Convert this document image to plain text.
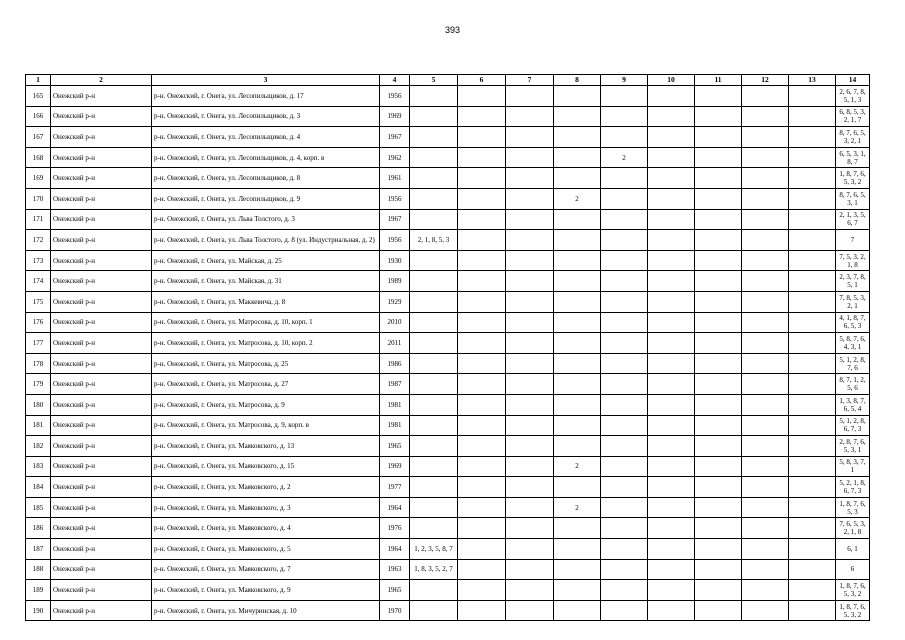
393
1	2	3	4	5	6	7	8	9	10	11	12	13	14
165	Онежский р-н	р-н. Онежский, г. Онега, ул. Лесопильщиков, д. 17	1956										2, 6, 7, 8, 5, 1, 3
166	Онежский р-н	р-н. Онежский, г. Онега, ул. Лесопильщиков, д. 3	1969										6, 8, 5, 3, 2, 1, 7
167	Онежский р-н	р-н. Онежский, г. Онега, ул. Лесопильщиков, д. 4	1967										8, 7, 6, 5, 3, 2, 1
168	Онежский р-н	р-н. Онежский, г. Онега, ул. Лесопильщиков, д. 4, корп. в	1962					2					6, 5, 3, 1, 8, 7
169	Онежский р-н	р-н. Онежский, г. Онега, ул. Лесопильщиков, д. 8	1961										1, 8, 7, 6, 5, 3, 2
170	Онежский р-н	р-н. Онежский, г. Онега, ул. Лесопильщиков, д. 9	1956				2						8, 7, 6, 5, 3, 1
171	Онежский р-н	р-н. Онежский, г. Онега, ул. Льва Толстого, д. 3	1967										2, 1, 3, 5, 6, 7
172	Онежский р-н	р-н. Онежский, г. Онега, ул. Льва Толстого, д. 8 (ул. Индустриальная, д. 2)	1956	2, 1, 8, 5, 3									7
173	Онежский р-н	р-н. Онежский, г. Онега, ул. Майская, д. 25	1930										7, 5, 3, 2, 1, 8
174	Онежский р-н	р-н. Онежский, г. Онега, ул. Майская, д. 31	1989										2, 3, 7, 8, 5, 1
175	Онежский р-н	р-н. Онежский, г. Онега, ул. Маккевича, д. 8	1929										7, 8, 5, 3, 2, 1
176	Онежский р-н	р-н. Онежский, г. Онега, ул. Матросова, д. 10, корп. 1	2010										4, 1, 8, 7, 6, 5, 3
177	Онежский р-н	р-н. Онежский, г. Онега, ул. Матросова, д. 10, корп. 2	2011										5, 8, 7, 6, 4, 3, 1
178	Онежский р-н	р-н. Онежский, г. Онега, ул. Матросова, д. 25	1986										5, 1, 2, 8, 7, 6
179	Онежский р-н	р-н. Онежский, г. Онега, ул. Матросова, д. 27	1987										8, 7, 1, 2, 5, 6
180	Онежский р-н	р-н. Онежский, г. Онега, ул. Матросова, д. 9	1981										1, 3, 8, 7, 6, 5, 4
181	Онежский р-н	р-н. Онежский, г. Онега, ул. Матросова, д. 9, корп. в	1981										5, 1, 2, 8, 6, 7, 3
182	Онежский р-н	р-н. Онежский, г. Онега, ул. Маяковского, д. 13	1965										2, 8, 7, 6, 5, 3, 1
183	Онежский р-н	р-н. Онежский, г. Онега, ул. Маяковского, д. 15	1969				2						5, 8, 3, 7, 1
184	Онежский р-н	р-н. Онежский, г. Онега, ул. Маяковского, д. 2	1977										5, 2, 1, 8, 6, 7, 3
185	Онежский р-н	р-н. Онежский, г. Онега, ул. Маяковского, д. 3	1964				2						1, 8, 7, 6, 5, 3
186	Онежский р-н	р-н. Онежский, г. Онега, ул. Маяковского, д. 4	1976										7, 6, 5, 3, 2, 1, 8
187	Онежский р-н	р-н. Онежский, г. Онега, ул. Маяковского, д. 5	1964	1, 2, 3, 5, 8, 7									6, 1
188	Онежский р-н	р-н. Онежский, г. Онега, ул. Маяковского, д. 7	1963	1, 8, 3, 5, 2, 7									6
189	Онежский р-н	р-н. Онежский, г. Онега, ул. Маяковского, д. 9	1965										1, 8, 7, 6, 5, 3, 2
190	Онежский р-н	р-н. Онежский, г. Онега, ул. Мичуринская, д. 10	1970										1, 8, 7, 6, 5, 3, 2
